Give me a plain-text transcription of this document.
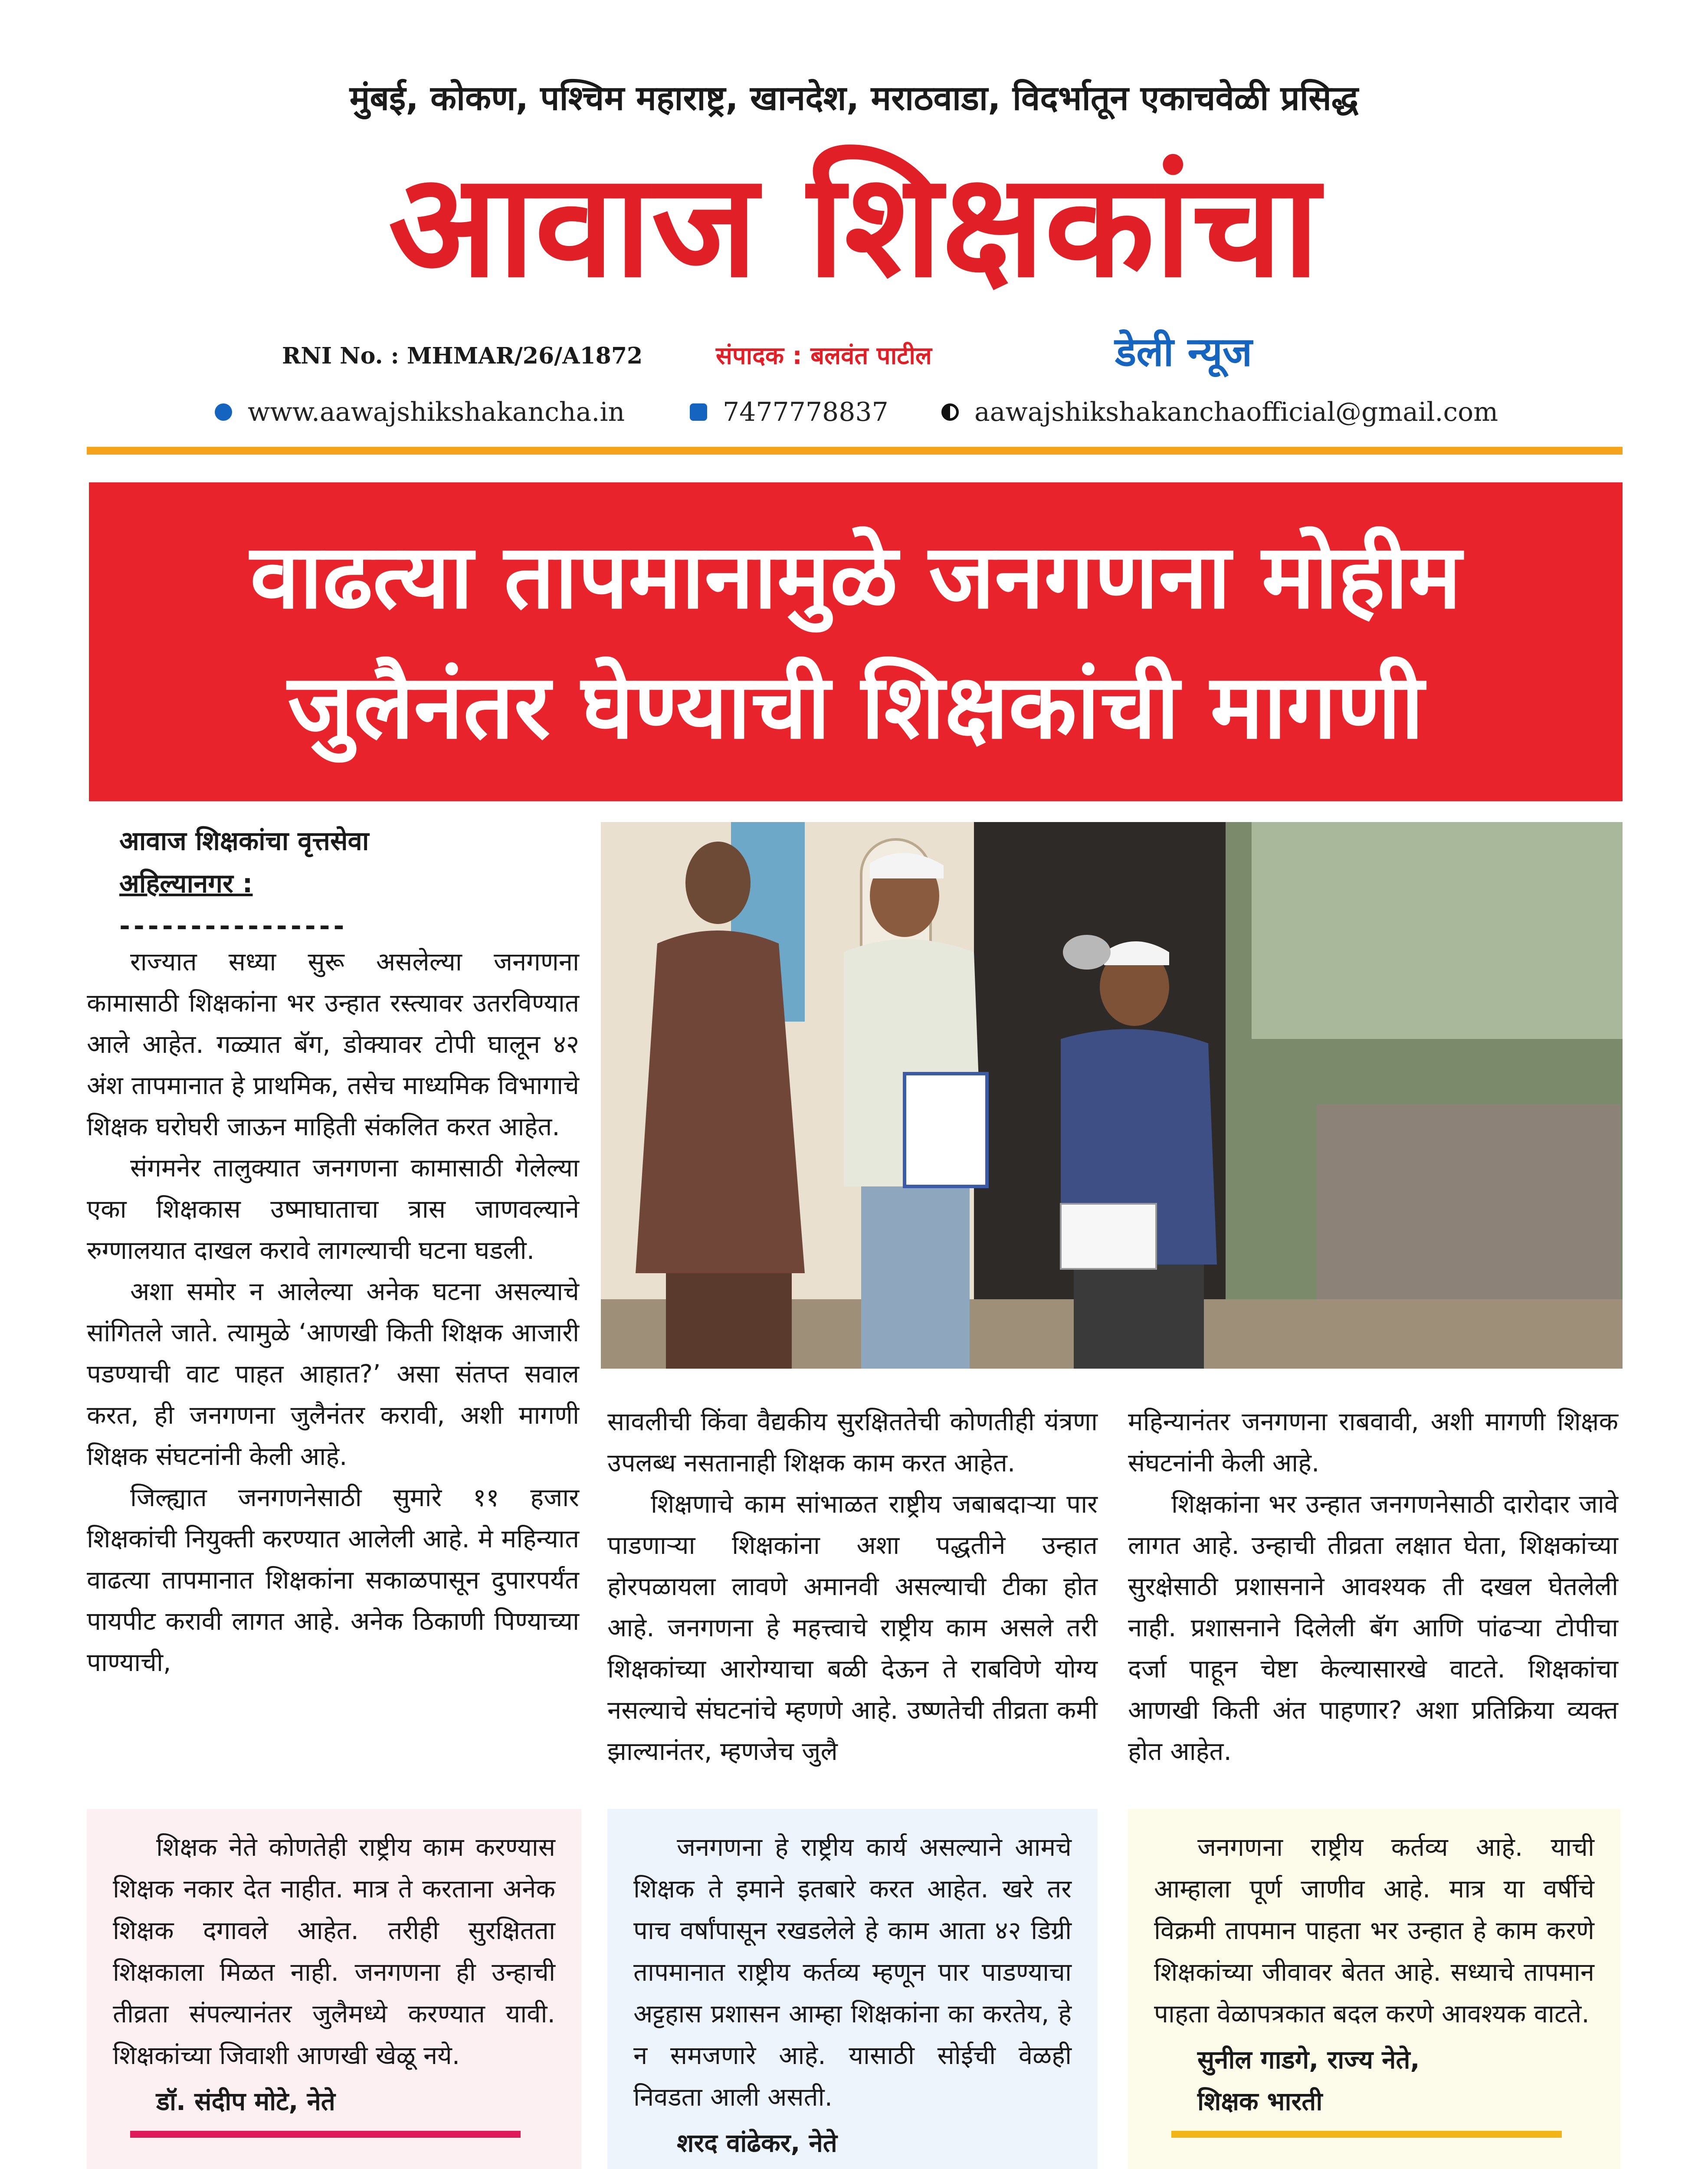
मुंबई, कोकण, पश्चिम महाराष्ट्र, खानदेश, मराठवाडा, विदर्भातून एकाचवेळी प्रसिद्ध
आवाज शिक्षकांचा
RNI No. : MHMAR/26/A1872	संपादक : बलवंत पाटील	डेली न्यूज
www.aawajshikshakancha.in	7477778837	aawajshikshakanchaofficial@gmail.com
वाढत्या तापमानामुळे जनगणना मोहीम
जुलैनंतर घेण्याची शिक्षकांची मागणी
आवाज शिक्षकांचा वृत्तसेवा
अहिल्यानगर :
----------------

राज्यात सध्या सुरू असलेल्या जनगणना कामासाठी शिक्षकांना भर उन्हात रस्त्यावर उतरविण्यात आले आहेत. गळ्यात बॅग, डोक्यावर टोपी घालून ४२ अंश तापमानात हे प्राथमिक, तसेच माध्यमिक विभागाचे शिक्षक घरोघरी जाऊन माहिती संकलित करत आहेत.

संगमनेर तालुक्यात जनगणना कामासाठी गेलेल्या एका शिक्षकास उष्माघाताचा त्रास जाणवल्याने रुग्णालयात दाखल करावे लागल्याची घटना घडली.

अशा समोर न आलेल्या अनेक घटना असल्याचे सांगितले जाते. त्यामुळे ‘आणखी किती शिक्षक आजारी पडण्याची वाट पाहत आहात?’ असा संतप्त सवाल करत, ही जनगणना जुलैनंतर करावी, अशी मागणी शिक्षक संघटनांनी केली आहे.

जिल्ह्यात जनगणनेसाठी सुमारे ११ हजार शिक्षकांची नियुक्ती करण्यात आलेली आहे. मे महिन्यात वाढत्या तापमानात शिक्षकांना सकाळपासून दुपारपर्यंत पायपीट करावी लागत आहे. अनेक ठिकाणी पिण्याच्या पाण्याची,

सावलीची किंवा वैद्यकीय सुरक्षिततेची कोणतीही यंत्रणा उपलब्ध नसतानाही शिक्षक काम करत आहेत.

शिक्षणाचे काम सांभाळत राष्ट्रीय जबाबदाऱ्या पार पाडणाऱ्या शिक्षकांना अशा पद्धतीने उन्हात होरपळायला लावणे अमानवी असल्याची टीका होत आहे. जनगणना हे महत्त्वाचे राष्ट्रीय काम असले तरी शिक्षकांच्या आरोग्याचा बळी देऊन ते राबविणे योग्य नसल्याचे संघटनांचे म्हणणे आहे. उष्णतेची तीव्रता कमी झाल्यानंतर, म्हणजेच जुलै

महिन्यानंतर जनगणना राबवावी, अशी मागणी शिक्षक संघटनांनी केली आहे.

शिक्षकांना भर उन्हात जनगणनेसाठी दारोदार जावे लागत आहे. उन्हाची तीव्रता लक्षात घेता, शिक्षकांच्या सुरक्षेसाठी प्रशासनाने आवश्यक ती दखल घेतलेली नाही. प्रशासनाने दिलेली बॅग आणि पांढऱ्या टोपीचा दर्जा पाहून चेष्टा केल्यासारखे वाटते. शिक्षकांचा आणखी किती अंत पाहणार? अशा प्रतिक्रिया व्यक्त होत आहेत.

शिक्षक नेते कोणतेही राष्ट्रीय काम करण्यास शिक्षक नकार देत नाहीत. मात्र ते करताना अनेक शिक्षक दगावले आहेत. तरीही सुरक्षितता शिक्षकाला मिळत नाही. जनगणना ही उन्हाची तीव्रता संपल्यानंतर जुलैमध्ये करण्यात यावी. शिक्षकांच्या जिवाशी आणखी खेळू नये.

डॉ. संदीप मोटे, नेते

जनगणना हे राष्ट्रीय कार्य असल्याने आमचे शिक्षक ते इमाने इतबारे करत आहेत. खरे तर पाच वर्षांपासून रखडलेले हे काम आता ४२ डिग्री तापमानात राष्ट्रीय कर्तव्य म्हणून पार पाडण्याचा अट्टहास प्रशासन आम्हा शिक्षकांना का करतेय, हे न समजणारे आहे. यासाठी सोईची वेळही निवडता आली असती.

शरद वांढेकर, नेते

जनगणना राष्ट्रीय कर्तव्य आहे. याची आम्हाला पूर्ण जाणीव आहे. मात्र या वर्षीचे विक्रमी तापमान पाहता भर उन्हात हे काम करणे शिक्षकांच्या जीवावर बेतत आहे. सध्याचे तापमान पाहता वेळापत्रकात बदल करणे आवश्यक वाटते.

सुनील गाडगे, राज्य नेते,
शिक्षक भारती
